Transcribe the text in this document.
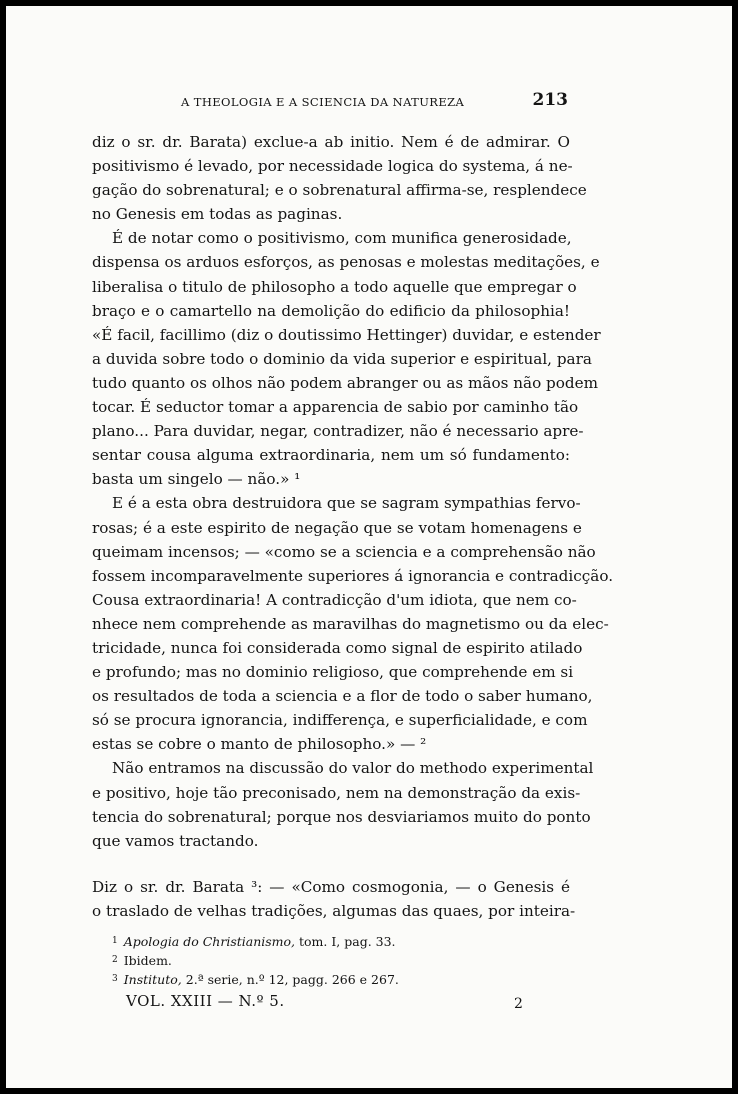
A THEOLOGIA E A SCIENCIA DA NATUREZA	213
diz o sr. dr. Barata) exclue-a ab initio. Nem é de admirar. O
positivismo é levado, por necessidade logica do systema, á ne-
gação do sobrenatural; e o sobrenatural affirma-se, resplendece
no Genesis em todas as paginas.
É de notar como o positivismo, com munifica generosidade,
dispensa os arduos esforços, as penosas e molestas meditações, e
liberalisa o titulo de philosopho a todo aquelle que empregar o
braço e o camartello na demolição do edificio da philosophia!
«É facil, facillimo (diz o doutissimo Hettinger) duvidar, e estender
a duvida sobre todo o dominio da vida superior e espiritual, para
tudo quanto os olhos não podem abranger ou as mãos não podem
tocar. É seductor tomar a apparencia de sabio por caminho tão
plano... Para duvidar, negar, contradizer, não é necessario apre-
sentar cousa alguma extraordinaria, nem um só fundamento:
basta um singelo — não.» ¹
E é a esta obra destruidora que se sagram sympathias fervo-
rosas; é a este espirito de negação que se votam homenagens e
queimam incensos; — «como se a sciencia e a comprehensão não
fossem incomparavelmente superiores á ignorancia e contradicção.
Cousa extraordinaria! A contradicção d'um idiota, que nem co-
nhece nem comprehende as maravilhas do magnetismo ou da elec-
tricidade, nunca foi considerada como signal de espirito atilado
e profundo; mas no dominio religioso, que comprehende em si
os resultados de toda a sciencia e a flor de todo o saber humano,
só se procura ignorancia, indifferença, e superficialidade, e com
estas se cobre o manto de philosopho.» — ²
Não entramos na discussão do valor do methodo experimental
e positivo, hoje tão preconisado, nem na demonstração da exis-
tencia do sobrenatural; porque nos desviariamos muito do ponto
que vamos tractando.
Diz o sr. dr. Barata ³: — «Como cosmogonia, — o Genesis é
o traslado de velhas tradições, algumas das quaes, por inteira-
$^1$ Apologia do Christianismo, tom. I, pag. 33.
$^2$ Ibidem.
$^3$ Instituto, 2.ª serie, n.º 12, pagg. 266 e 267.
VOL. XXIII — N.º 5.	2
